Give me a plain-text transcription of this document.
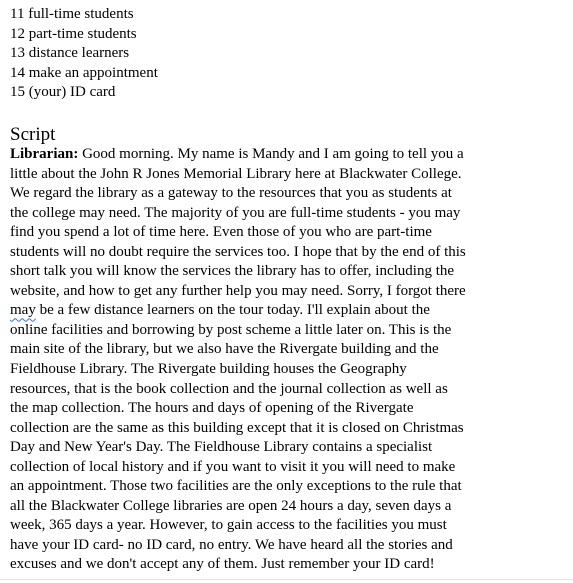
11 full-time students
12 part-time students
13 distance learners
14 make an appointment
15 (your) ID card
Script
Librarian: Good morning. My name is Mandy and I am going to tell you a
little about the John R Jones Memorial Library here at Blackwater College.
We regard the library as a gateway to the resources that you as students at
the college may need. The majority of you are full-time students - you may
find you spend a lot of time here. Even those of you who are part-time
students will no doubt require the services too. I hope that by the end of this
short talk you will know the services the library has to offer, including the
website, and how to get any further help you may need. Sorry, I forgot there
may be a few distance learners on the tour today. I'll explain about the
online facilities and borrowing by post scheme a little later on. This is the
main site of the library, but we also have the Rivergate building and the
Fieldhouse Library. The Rivergate building houses the Geography
resources, that is the book collection and the journal collection as well as
the map collection. The hours and days of opening of the Rivergate
collection are the same as this building except that it is closed on Christmas
Day and New Year's Day. The Fieldhouse Library contains a specialist
collection of local history and if you want to visit it you will need to make
an appointment. Those two facilities are the only exceptions to the rule that
all the Blackwater College libraries are open 24 hours a day, seven days a
week, 365 days a year. However, to gain access to the facilities you must
have your ID card- no ID card, no entry. We have heard all the stories and
excuses and we don't accept any of them. Just remember your ID card!
